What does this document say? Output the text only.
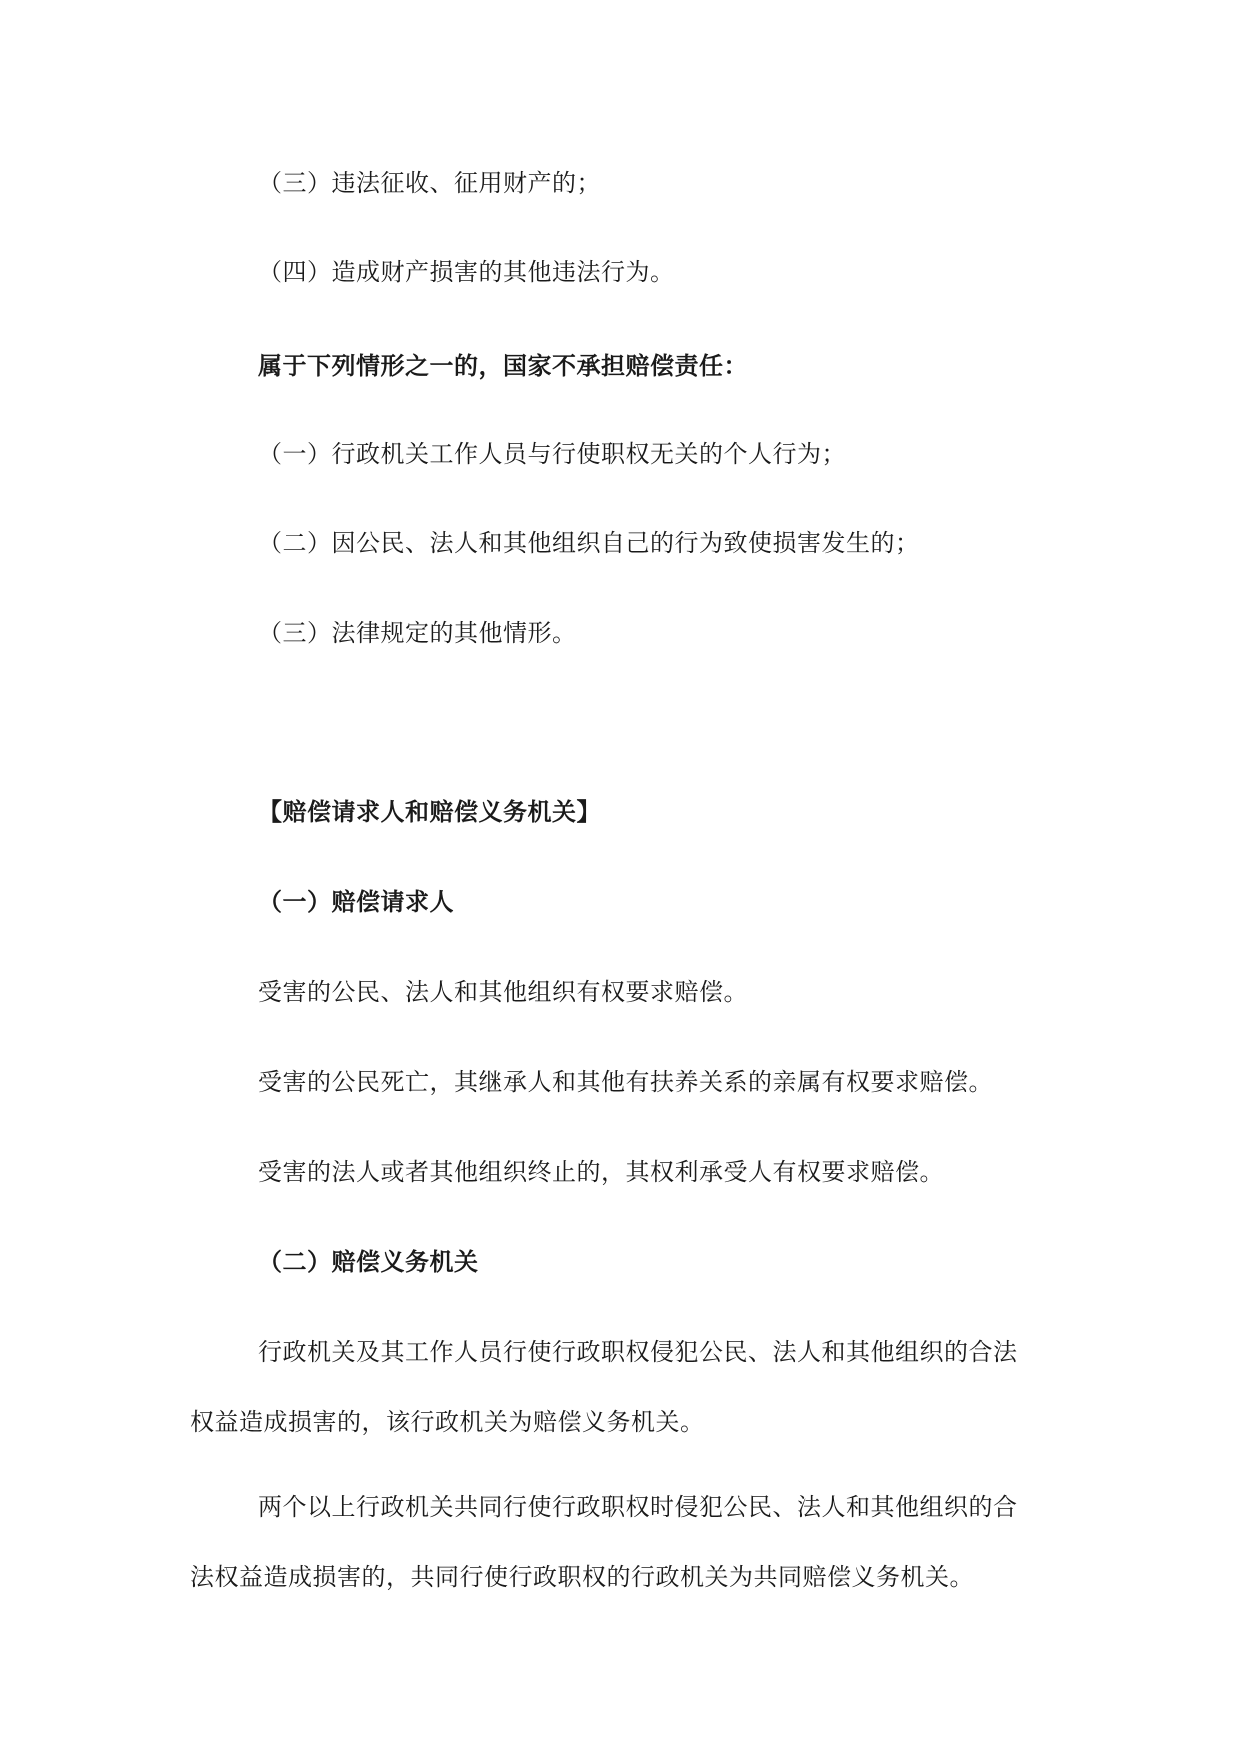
（三）违法征收、征用财产的；
（四）造成财产损害的其他违法行为。
属于下列情形之一的，国家不承担赔偿责任：
（一）行政机关工作人员与行使职权无关的个人行为；
（二）因公民、法人和其他组织自己的行为致使损害发生的；
（三）法律规定的其他情形。
【赔偿请求人和赔偿义务机关】
（一）赔偿请求人
受害的公民、法人和其他组织有权要求赔偿。
受害的公民死亡，其继承人和其他有扶养关系的亲属有权要求赔偿。
受害的法人或者其他组织终止的，其权利承受人有权要求赔偿。
（二）赔偿义务机关
行政机关及其工作人员行使行政职权侵犯公民、法人和其他组织的合法
权益造成损害的，该行政机关为赔偿义务机关。
两个以上行政机关共同行使行政职权时侵犯公民、法人和其他组织的合
法权益造成损害的，共同行使行政职权的行政机关为共同赔偿义务机关。
